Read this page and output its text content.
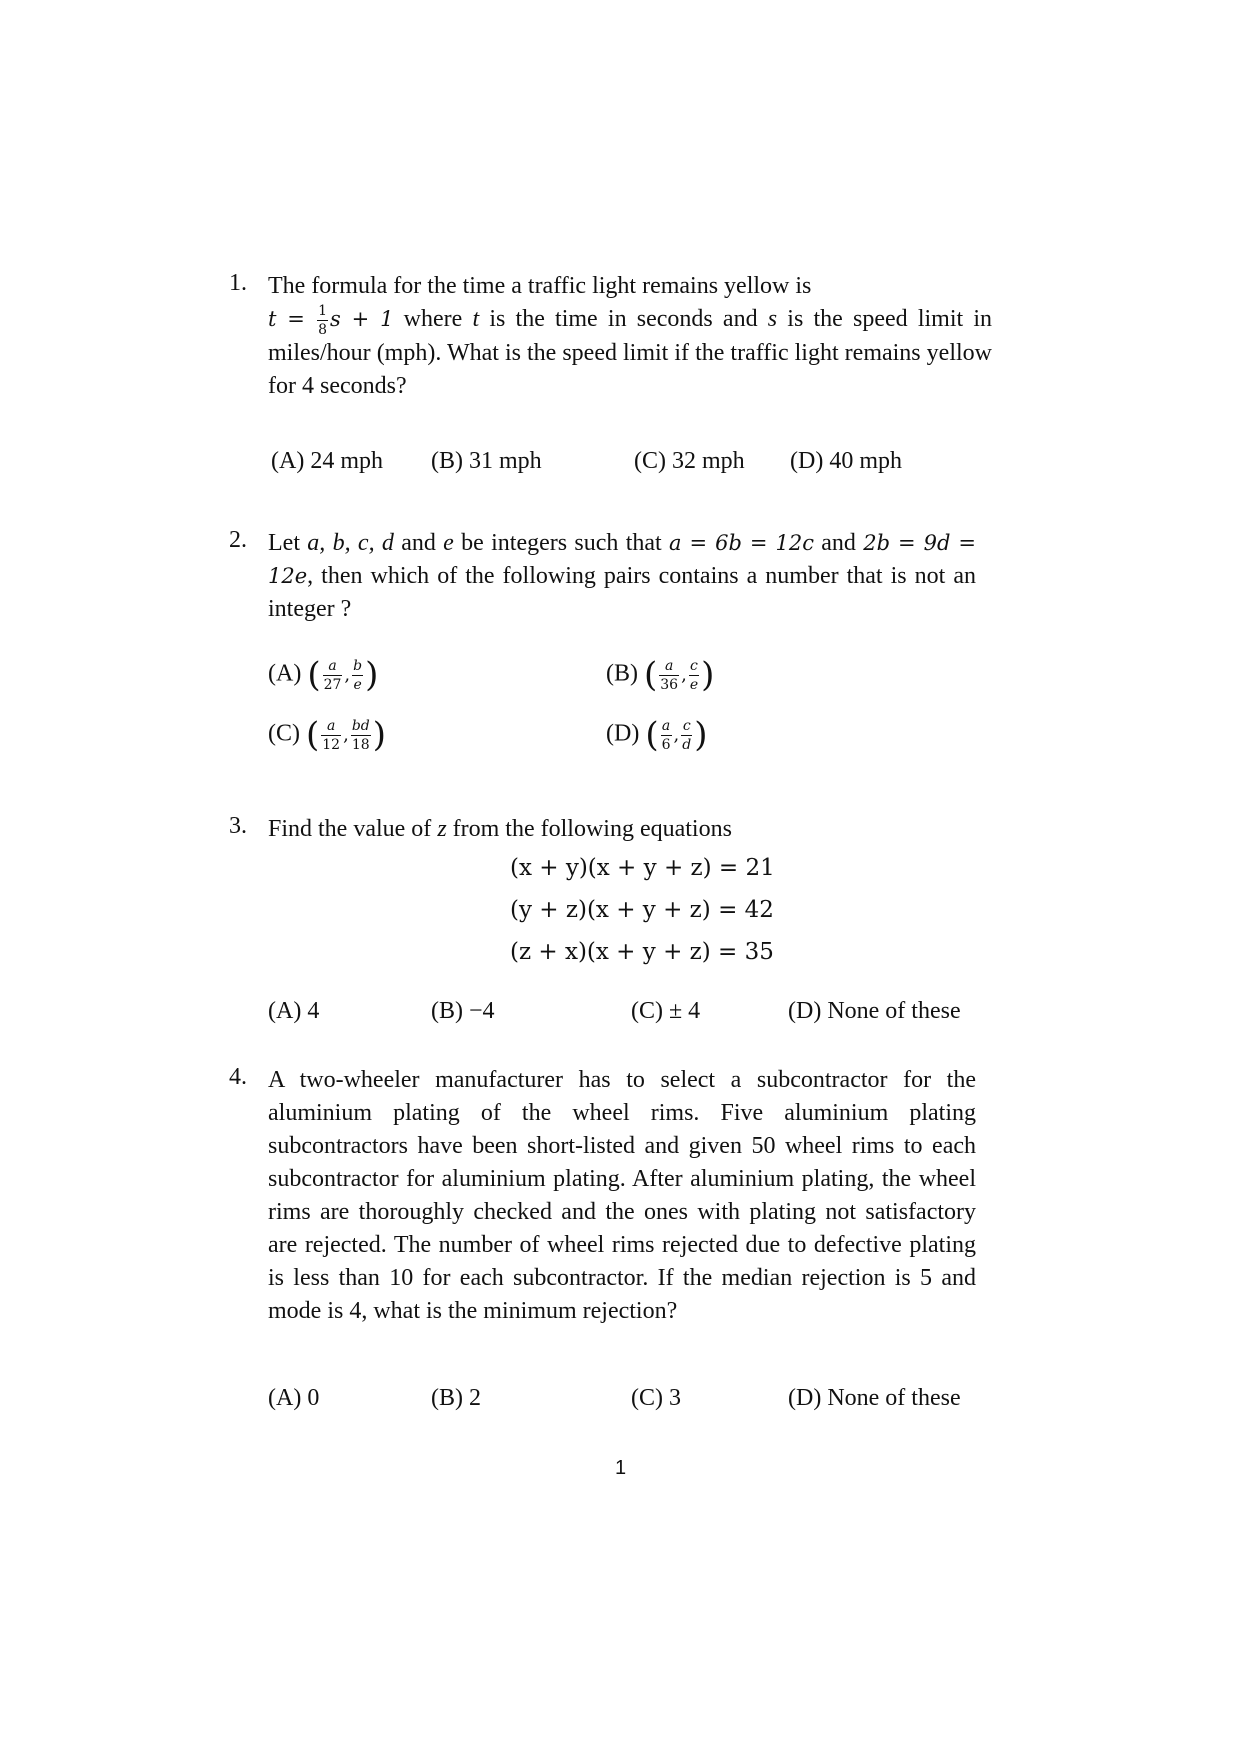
1. The formula for the time a traffic light remains yellow is
$t = \frac{1}{8}$ s + 1 where t is the time in seconds and s is the speed limit in miles/hour (mph). What is the speed limit if the traffic light remains yellow for 4 seconds?
(A) 24 mph (B) 31 mph	(C) 32 mph (D) 40 mph
2. Let a, b, c, d and e be integers such that a = 6b = 12c and 2b = 9d = 12e, then which of the following pairs contains a number that is not an integer ?
(A) ( $\frac{a}{27}$ , $\frac{b}{e}$ )	(B) ( $\frac{a}{36}$ , $\frac{c}{e}$ )
(C) ( $\frac{a}{12}$ , $\frac{bd}{18}$ )	(D) ( $\frac{a}{6}$ , $\frac{c}{d}$ )
3. Find the value of z from the following equations
(x + y)(x + y + z) = 21
(y + z)(x + y + z) = 42
(z + x)(x + y + z) = 35
(A) 4	(B) −4	(C) ± 4	(D) None of these
4. A two-wheeler manufacturer has to select a subcontractor for the aluminium plating of the wheel rims. Five aluminium plating subcontractors have been short-listed and given 50 wheel rims to each subcontractor for aluminium plating. After aluminium plating, the wheel rims are thoroughly checked and the ones with plating not satisfactory are rejected. The number of wheel rims rejected due to defective plating is less than 10 for each subcontractor. If the median rejection is 5 and mode is 4, what is the minimum rejection?
(A) 0	(B) 2	(C) 3	(D) None of these
1
